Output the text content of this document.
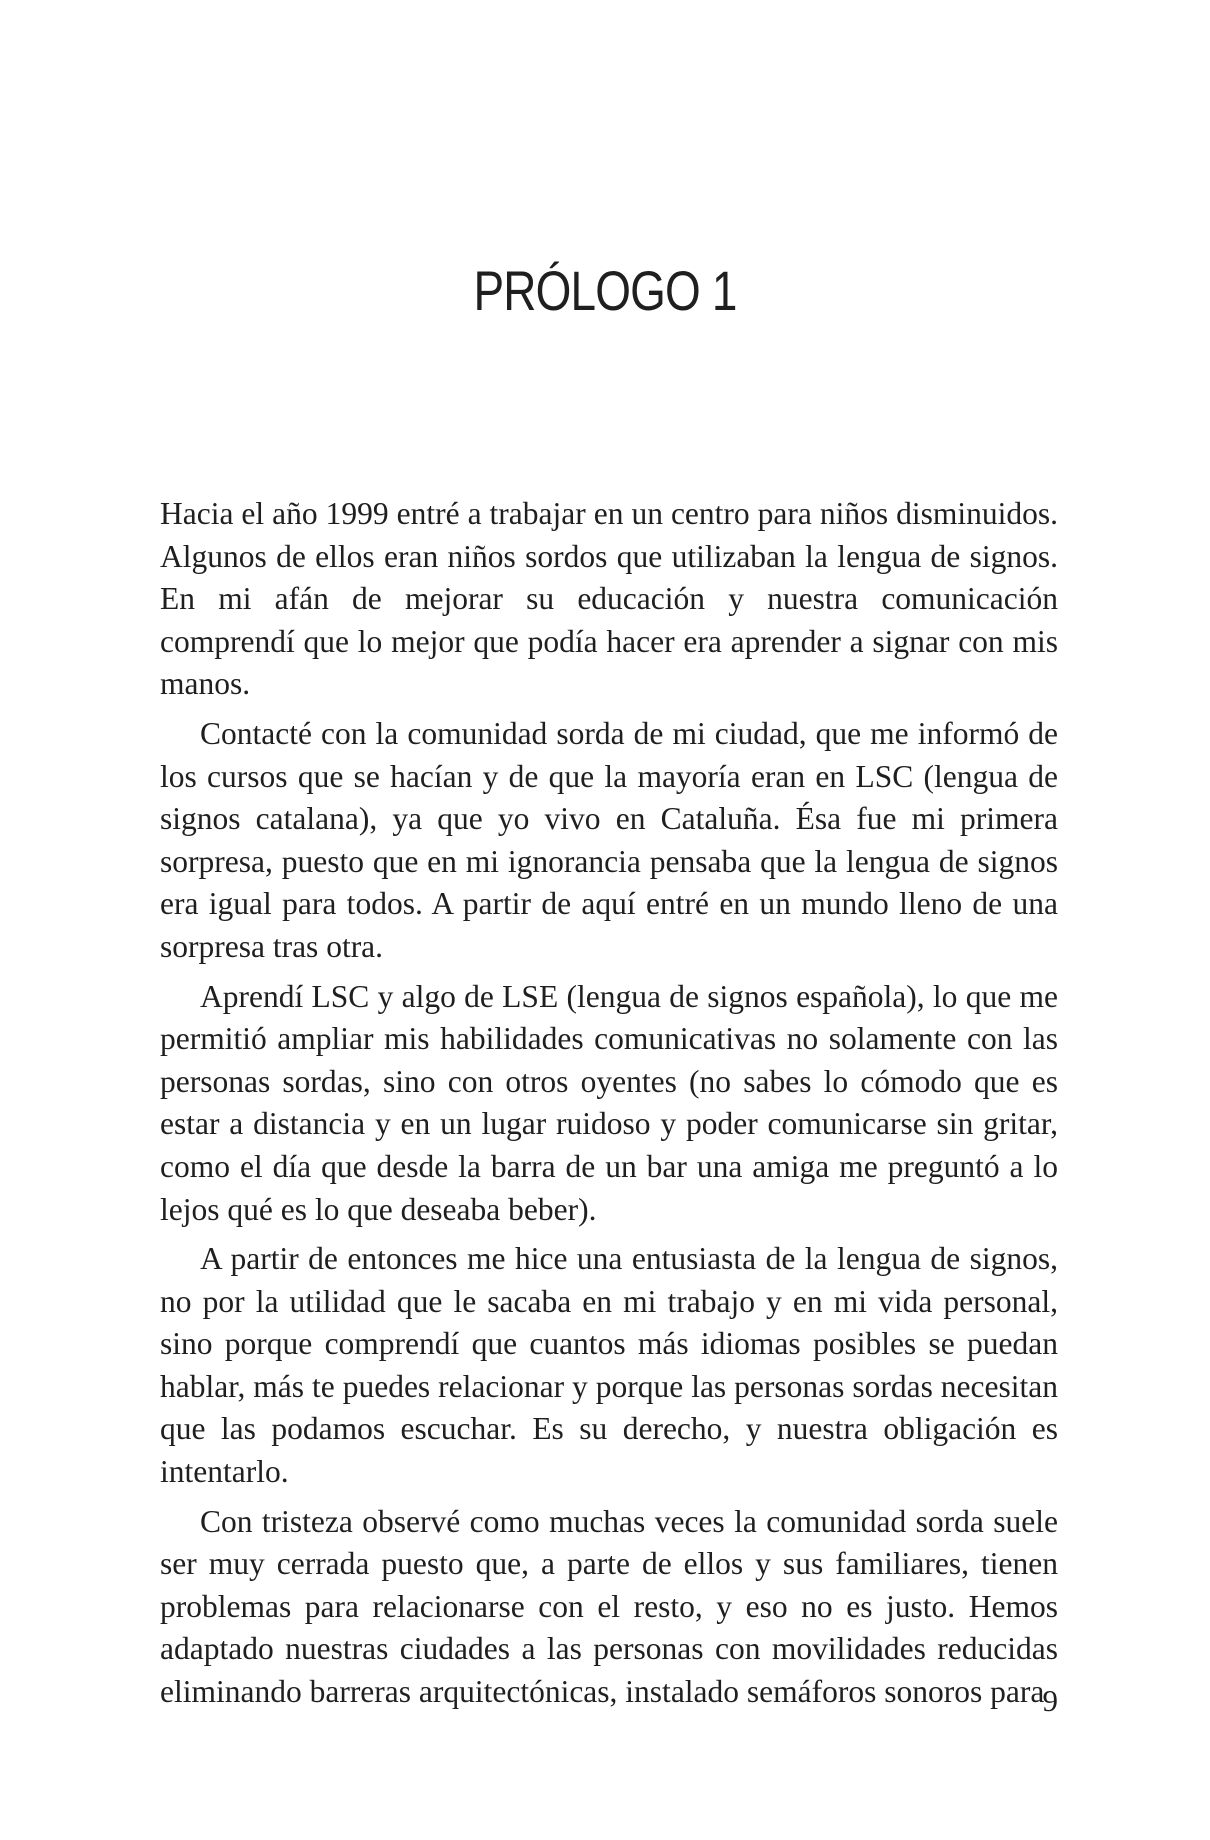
PRÓLOGO 1

Hacia el año 1999 entré a trabajar en un centro para niños disminuidos. Algunos de ellos eran niños sordos que utilizaban la lengua de signos. En mi afán de mejorar su educación y nuestra comunicación comprendí que lo mejor que podía hacer era aprender a signar con mis manos.

Contacté con la comunidad sorda de mi ciudad, que me informó de los cursos que se hacían y de que la mayoría eran en LSC (lengua de signos catalana), ya que yo vivo en Cataluña. Ésa fue mi primera sorpresa, puesto que en mi ignorancia pensaba que la lengua de signos era igual para todos. A partir de aquí entré en un mundo lleno de una sorpresa tras otra.

Aprendí LSC y algo de LSE (lengua de signos española), lo que me permitió ampliar mis habilidades comunicativas no solamente con las personas sordas, sino con otros oyentes (no sabes lo cómodo que es estar a distancia y en un lugar ruidoso y poder comunicarse sin gritar, como el día que desde la barra de un bar una amiga me preguntó a lo lejos qué es lo que deseaba beber).

A partir de entonces me hice una entusiasta de la lengua de signos, no por la utilidad que le sacaba en mi trabajo y en mi vida personal, sino porque comprendí que cuantos más idiomas posibles se puedan hablar, más te puedes relacionar y porque las personas sordas necesitan que las podamos escuchar. Es su derecho, y nuestra obligación es intentarlo.

Con tristeza observé como muchas veces la comunidad sorda suele ser muy cerrada puesto que, a parte de ellos y sus familiares, tienen problemas para relacionarse con el resto, y eso no es justo. Hemos adaptado nuestras ciudades a las personas con movilidades reducidas eliminando barreras arquitectónicas, instalado semáforos sonoros para

9
